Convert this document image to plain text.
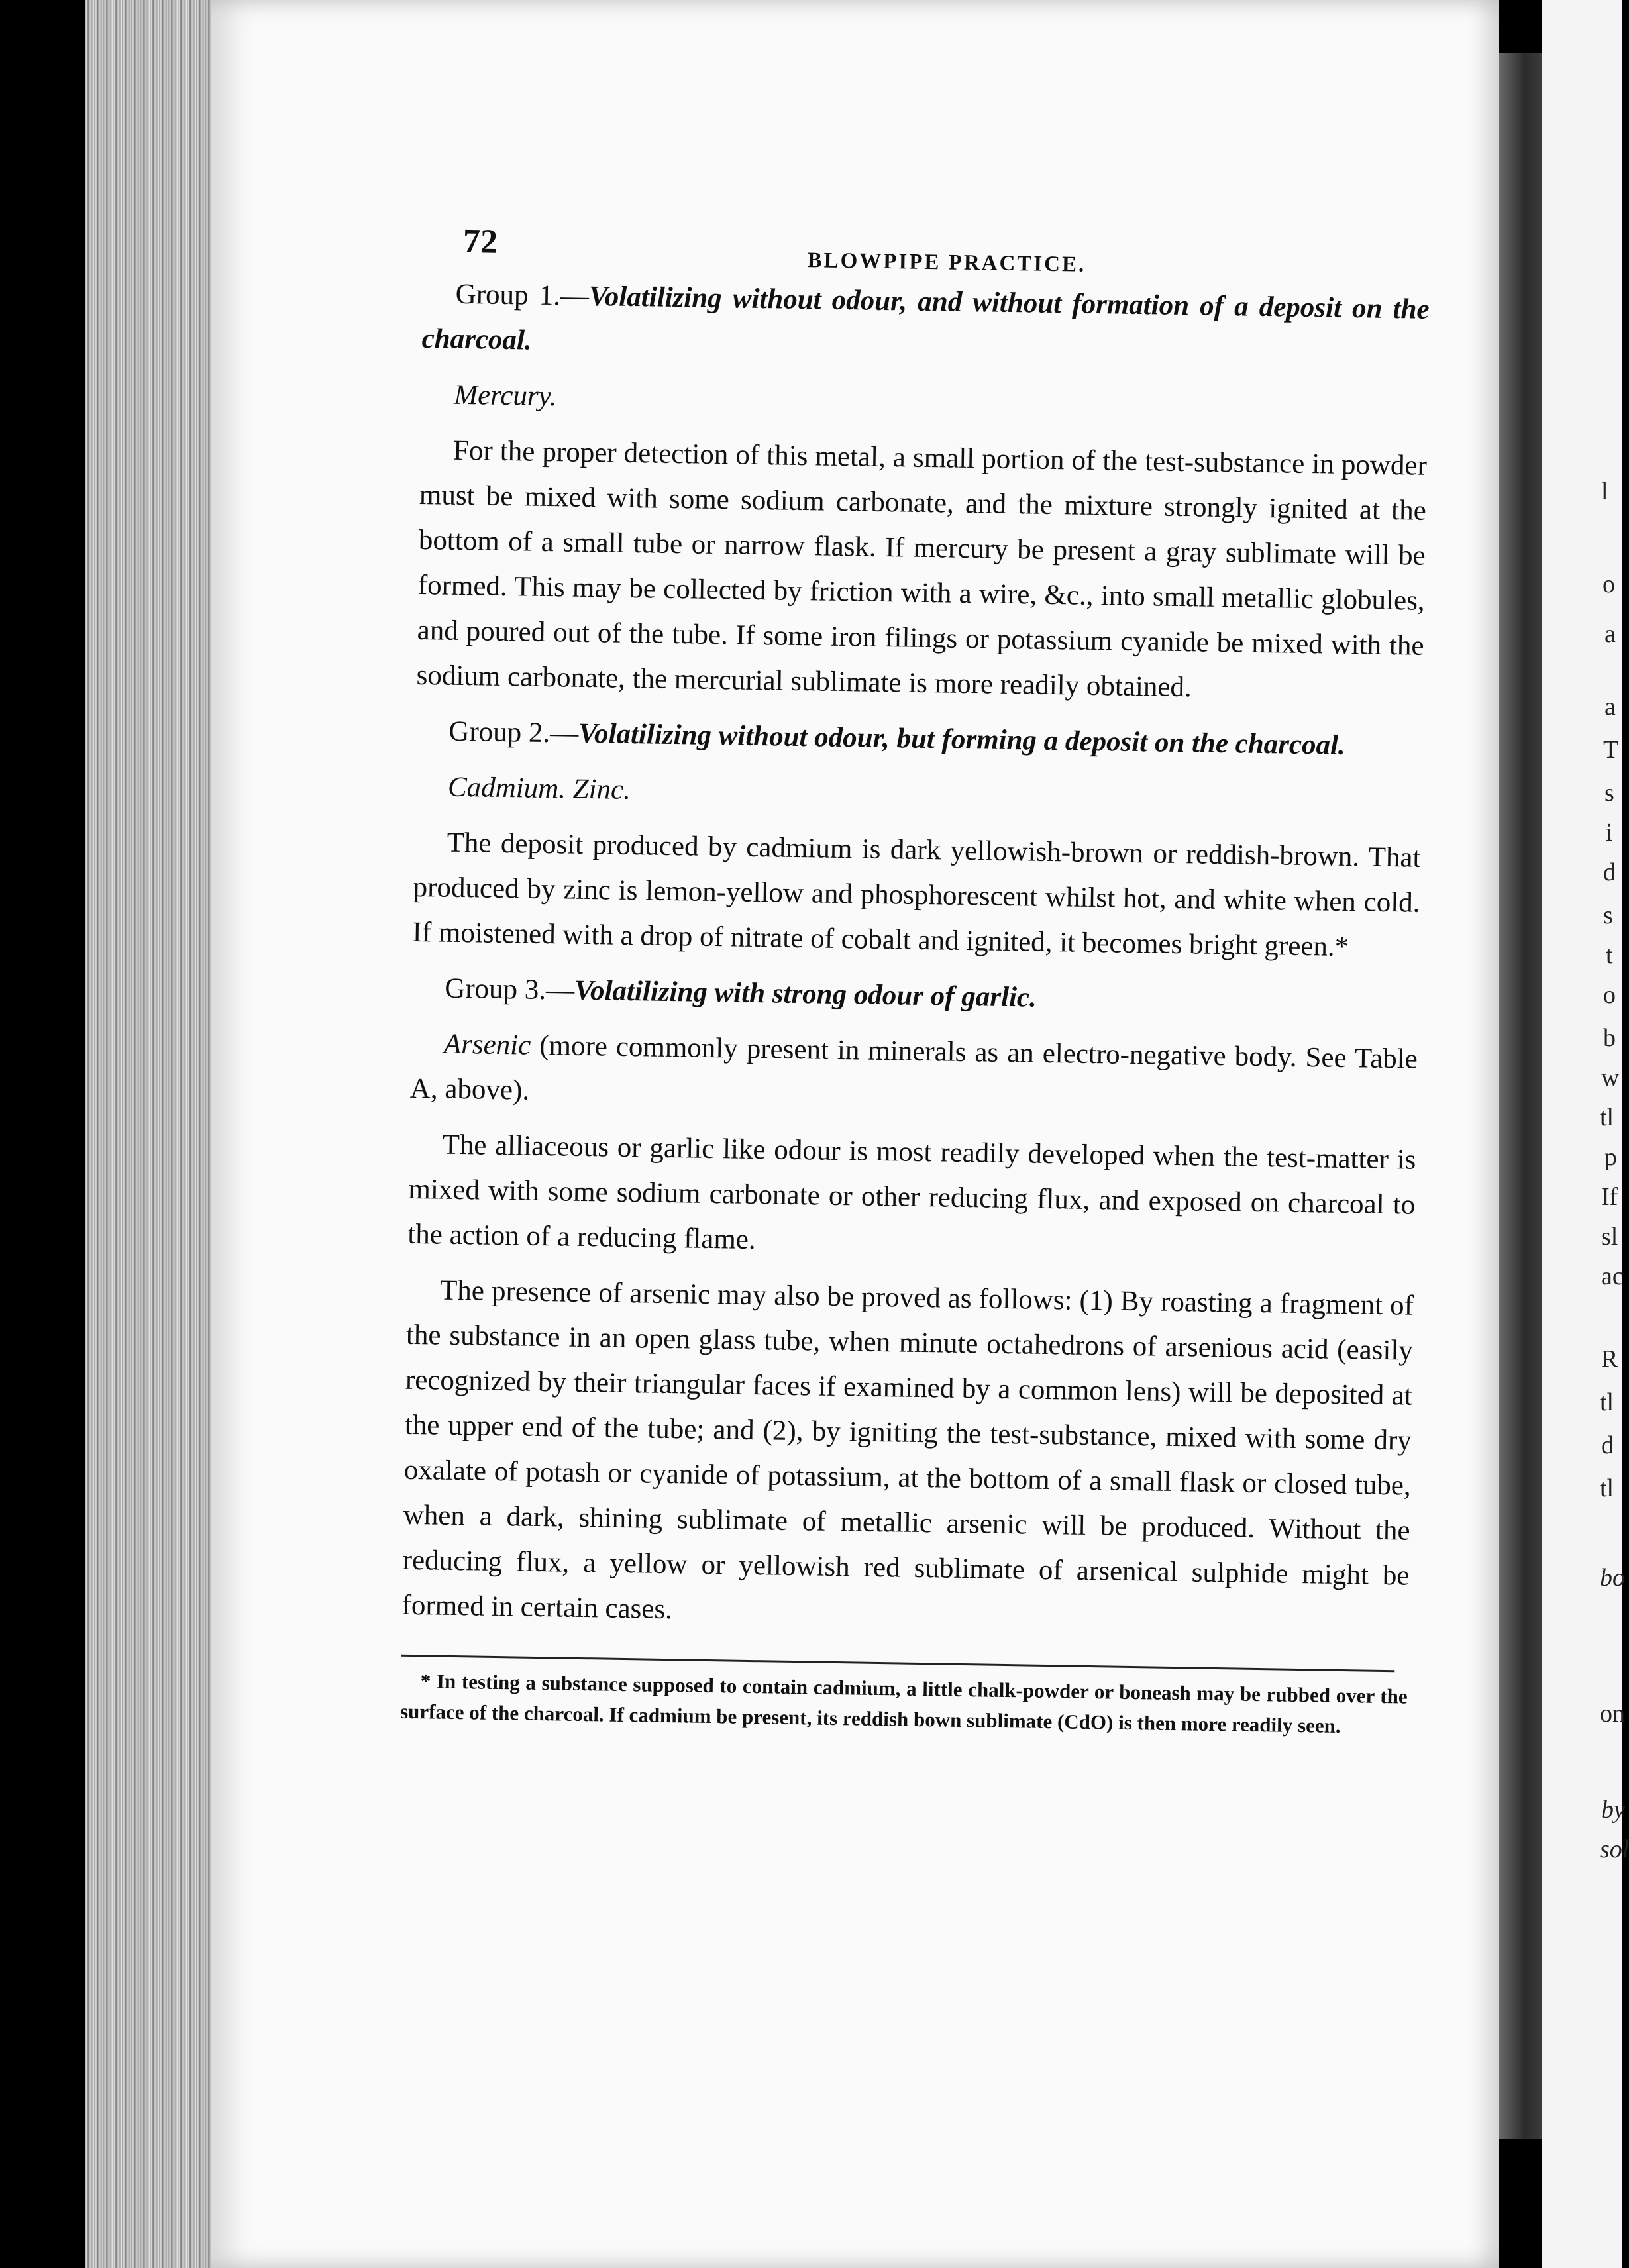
l
o
a
a
T
s
i
d
s
t
o
b
w
tl
p
If
sl
ac
R
tl
d
tl
bo
on
by
sol
72
BLOWPIPE PRACTICE.

Group 1.—Volatilizing without odour, and without formation of a deposit on the charcoal.

Mercury.

For the proper detection of this metal, a small portion of the test-substance in powder must be mixed with some sodium carbonate, and the mixture strongly ignited at the bottom of a small tube or narrow flask. If mercury be present a gray sublimate will be formed. This may be collected by friction with a wire, &c., into small metallic globules, and poured out of the tube. If some iron filings or potassium cyanide be mixed with the sodium carbonate, the mercurial sublimate is more readily obtained.

Group 2.—Volatilizing without odour, but forming a deposit on the charcoal.

Cadmium. Zinc.

The deposit produced by cadmium is dark yellowish-brown or reddish-brown. That produced by zinc is lemon-yellow and phosphorescent whilst hot, and white when cold. If moistened with a drop of nitrate of cobalt and ignited, it becomes bright green.*

Group 3.—Volatilizing with strong odour of garlic.

Arsenic (more commonly present in minerals as an electro-negative body. See Table A, above).

The alliaceous or garlic like odour is most readily developed when the test-matter is mixed with some sodium carbonate or other reducing flux, and exposed on charcoal to the action of a reducing flame.

The presence of arsenic may also be proved as follows: (1) By roasting a fragment of the substance in an open glass tube, when minute octahedrons of arsenious acid (easily recognized by their triangular faces if examined by a common lens) will be deposited at the upper end of the tube; and (2), by igniting the test-substance, mixed with some dry oxalate of potash or cyanide of potassium, at the bottom of a small flask or closed tube, when a dark, shining sublimate of metallic arsenic will be produced. Without the reducing flux, a yellow or yellowish red sublimate of arsenical sulphide might be formed in certain cases.

* In testing a substance supposed to contain cadmium, a little chalk-powder or boneash may be rubbed over the surface of the charcoal. If cadmium be present, its reddish bown sublimate (CdO) is then more readily seen.
